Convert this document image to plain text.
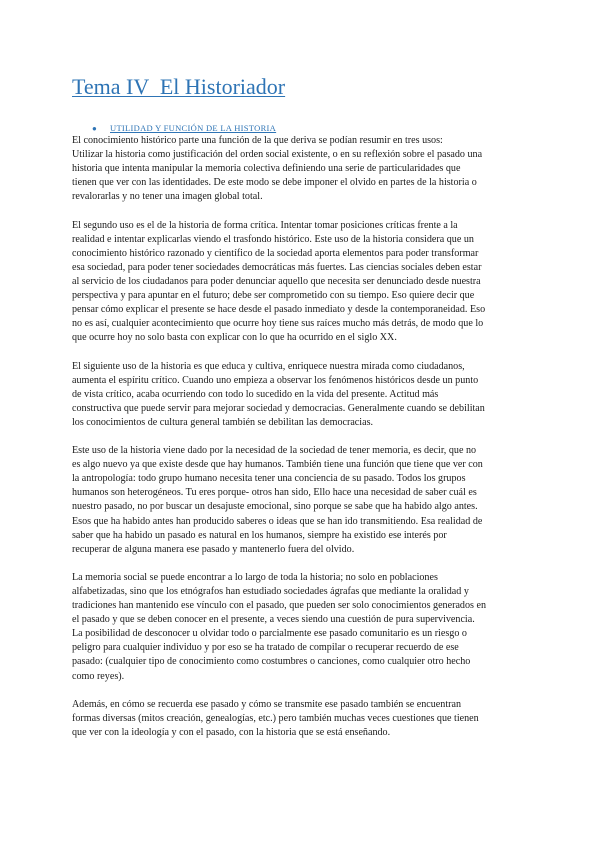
Tema IV  El Historiador
● UTILIDAD Y FUNCIÓN DE LA HISTORIA
El conocimiento histórico parte una función de la que deriva se podían resumir en tres usos:
Utilizar la historia como justificación del orden social existente, o en su reflexión sobre el pasado una
historia que intenta manipular la memoria colectiva definiendo una serie de particularidades que
tienen que ver con las identidades. De este modo se debe imponer el olvido en partes de la historia o
revalorarlas y no tener una imagen global total.
El segundo uso es el de la historia de forma crítica. Intentar tomar posiciones críticas frente a la
realidad e intentar explicarlas viendo el trasfondo histórico. Este uso de la historia considera que un
conocimiento histórico razonado y científico de la sociedad aporta elementos para poder transformar
esa sociedad, para poder tener sociedades democráticas más fuertes. Las ciencias sociales deben estar
al servicio de los ciudadanos para poder denunciar aquello que necesita ser denunciado desde nuestra
perspectiva y para apuntar en el futuro; debe ser comprometido con su tiempo. Eso quiere decir que
pensar cómo explicar el presente se hace desde el pasado inmediato y desde la contemporaneidad. Eso
no es así, cualquier acontecimiento que ocurre hoy tiene sus raíces mucho más detrás, de modo que lo
que ocurre hoy no solo basta con explicar con lo que ha ocurrido en el siglo XX.
El siguiente uso de la historia es que educa y cultiva, enriquece nuestra mirada como ciudadanos,
aumenta el espíritu crítico. Cuando uno empieza a observar los fenómenos históricos desde un punto
de vista crítico, acaba ocurriendo con todo lo sucedido en la vida del presente. Actitud más
constructiva que puede servir para mejorar sociedad y democracias. Generalmente cuando se debilitan
los conocimientos de cultura general también se debilitan las democracias.
Este uso de la historia viene dado por la necesidad de la sociedad de tener memoria, es decir, que no
es algo nuevo ya que existe desde que hay humanos. También tiene una función que tiene que ver con
la antropología: todo grupo humano necesita tener una conciencia de su pasado. Todos los grupos
humanos son heterogéneos. Tu eres porque- otros han sido, Ello hace una necesidad de saber cuál es
nuestro pasado, no por buscar un desajuste emocional, sino porque se sabe que ha habido algo antes.
Esos que ha habido antes han producido saberes o ideas que se han ido transmitiendo. Esa realidad de
saber que ha habido un pasado es natural en los humanos, siempre ha existido ese interés por
recuperar de alguna manera ese pasado y mantenerlo fuera del olvido.
La memoria social se puede encontrar a lo largo de toda la historia; no solo en poblaciones
alfabetizadas, sino que los etnógrafos han estudiado sociedades ágrafas que mediante la oralidad y
tradiciones han mantenido ese vínculo con el pasado, que pueden ser solo conocimientos generados en
el pasado y que se deben conocer en el presente, a veces siendo una cuestión de pura supervivencia.
La posibilidad de desconocer u olvidar todo o parcialmente ese pasado comunitario es un riesgo o
peligro para cualquier individuo y por eso se ha tratado de compilar o recuperar recuerdo de ese
pasado: (cualquier tipo de conocimiento como costumbres o canciones, como cualquier otro hecho
como reyes).
Además, en cómo se recuerda ese pasado y cómo se transmite ese pasado también se encuentran
formas diversas (mitos creación, genealogías, etc.) pero también muchas veces cuestiones que tienen
que ver con la ideología y con el pasado, con la historia que se está enseñando.
